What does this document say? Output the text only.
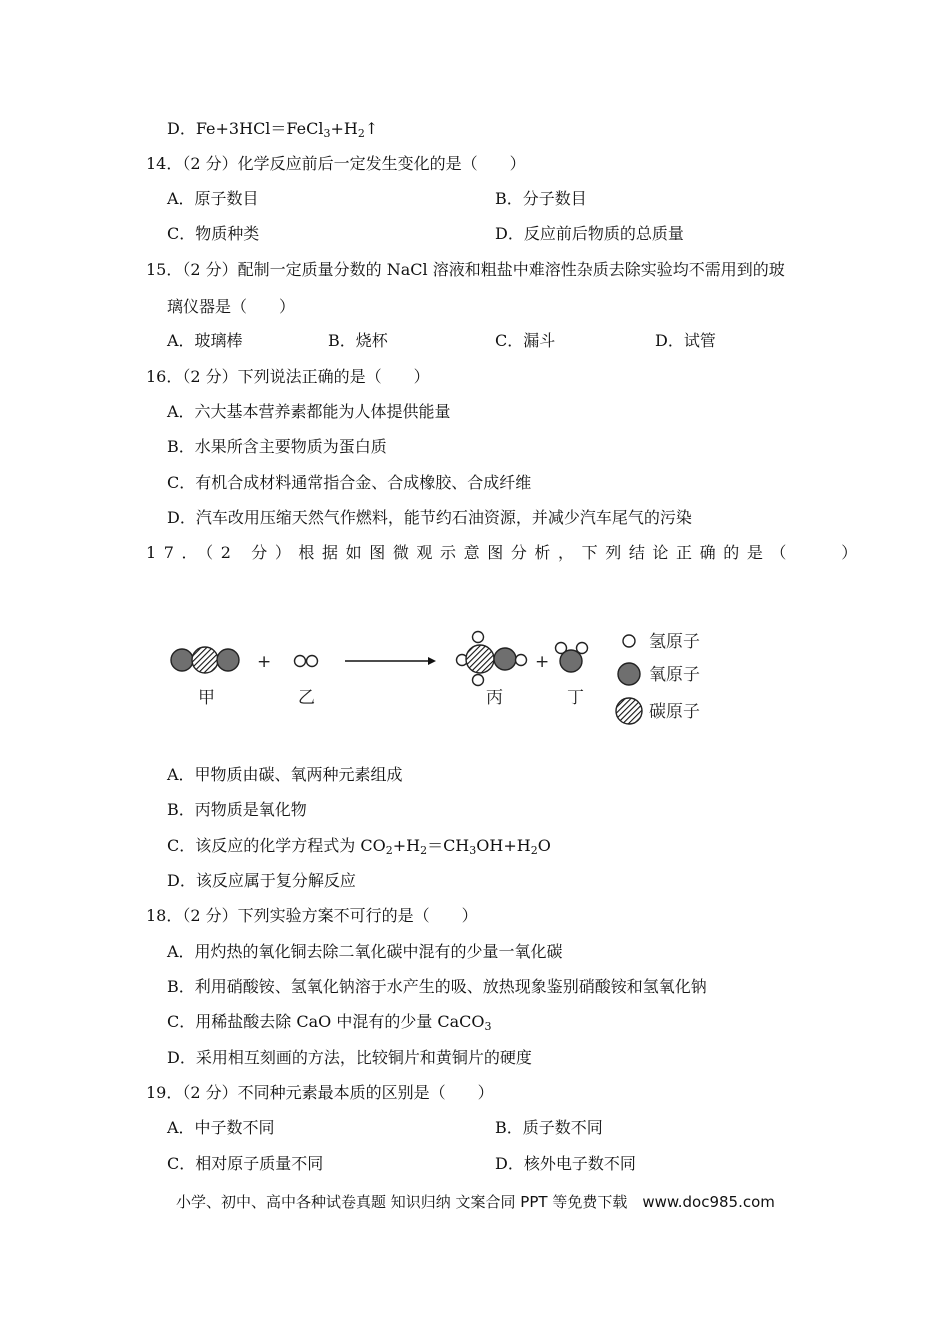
D．$Fe+3HCl=FeCl_3+H_2↑$
14．（2 分）化学反应前后一定发生变化的是（　　）
A．原子数目	B．分子数目
C．物质种类	D．反应前后物质的总质量
15．（2 分）配制一定质量分数的 NaCl 溶液和粗盐中难溶性杂质去除实验均不需用到的玻
璃仪器是（　　）
A．玻璃棒	B．烧杯	C．漏斗	D．试管
16．（2 分）下列说法正确的是（　　）
A．六大基本营养素都能为人体提供能量
B．水果所含主要物质为蛋白质
C．有机合成材料通常指合金、合成橡胶、合成纤维
D．汽车改用压缩天然气作燃料，能节约石油资源，并减少汽车尾气的污染
17．（2 分）根据如图微观示意图分析，下列结论正确的是（　　）
甲
+
乙	丙
+
丁
氢原子
氧原子
碳原子
A．甲物质由碳、氧两种元素组成
B．丙物质是氧化物
C．该反应的化学方程式为 $CO_2+H_2=CH_3OH+H_2O$
D．该反应属于复分解反应
18．（2 分）下列实验方案不可行的是（　　）
A．用灼热的氧化铜去除二氧化碳中混有的少量一氧化碳
B．利用硝酸铵、氢氧化钠溶于水产生的吸、放热现象鉴别硝酸铵和氢氧化钠
C．用稀盐酸去除 CaO 中混有的少量 CaCO$_3$
D．采用相互刻画的方法，比较铜片和黄铜片的硬度
19．（2 分）不同种元素最本质的区别是（　　）
A．中子数不同	B．质子数不同
C．相对原子质量不同	D．核外电子数不同
小学、初中、高中各种试卷真题 知识归纳 文案合同 PPT 等免费下载　www.doc985.com
